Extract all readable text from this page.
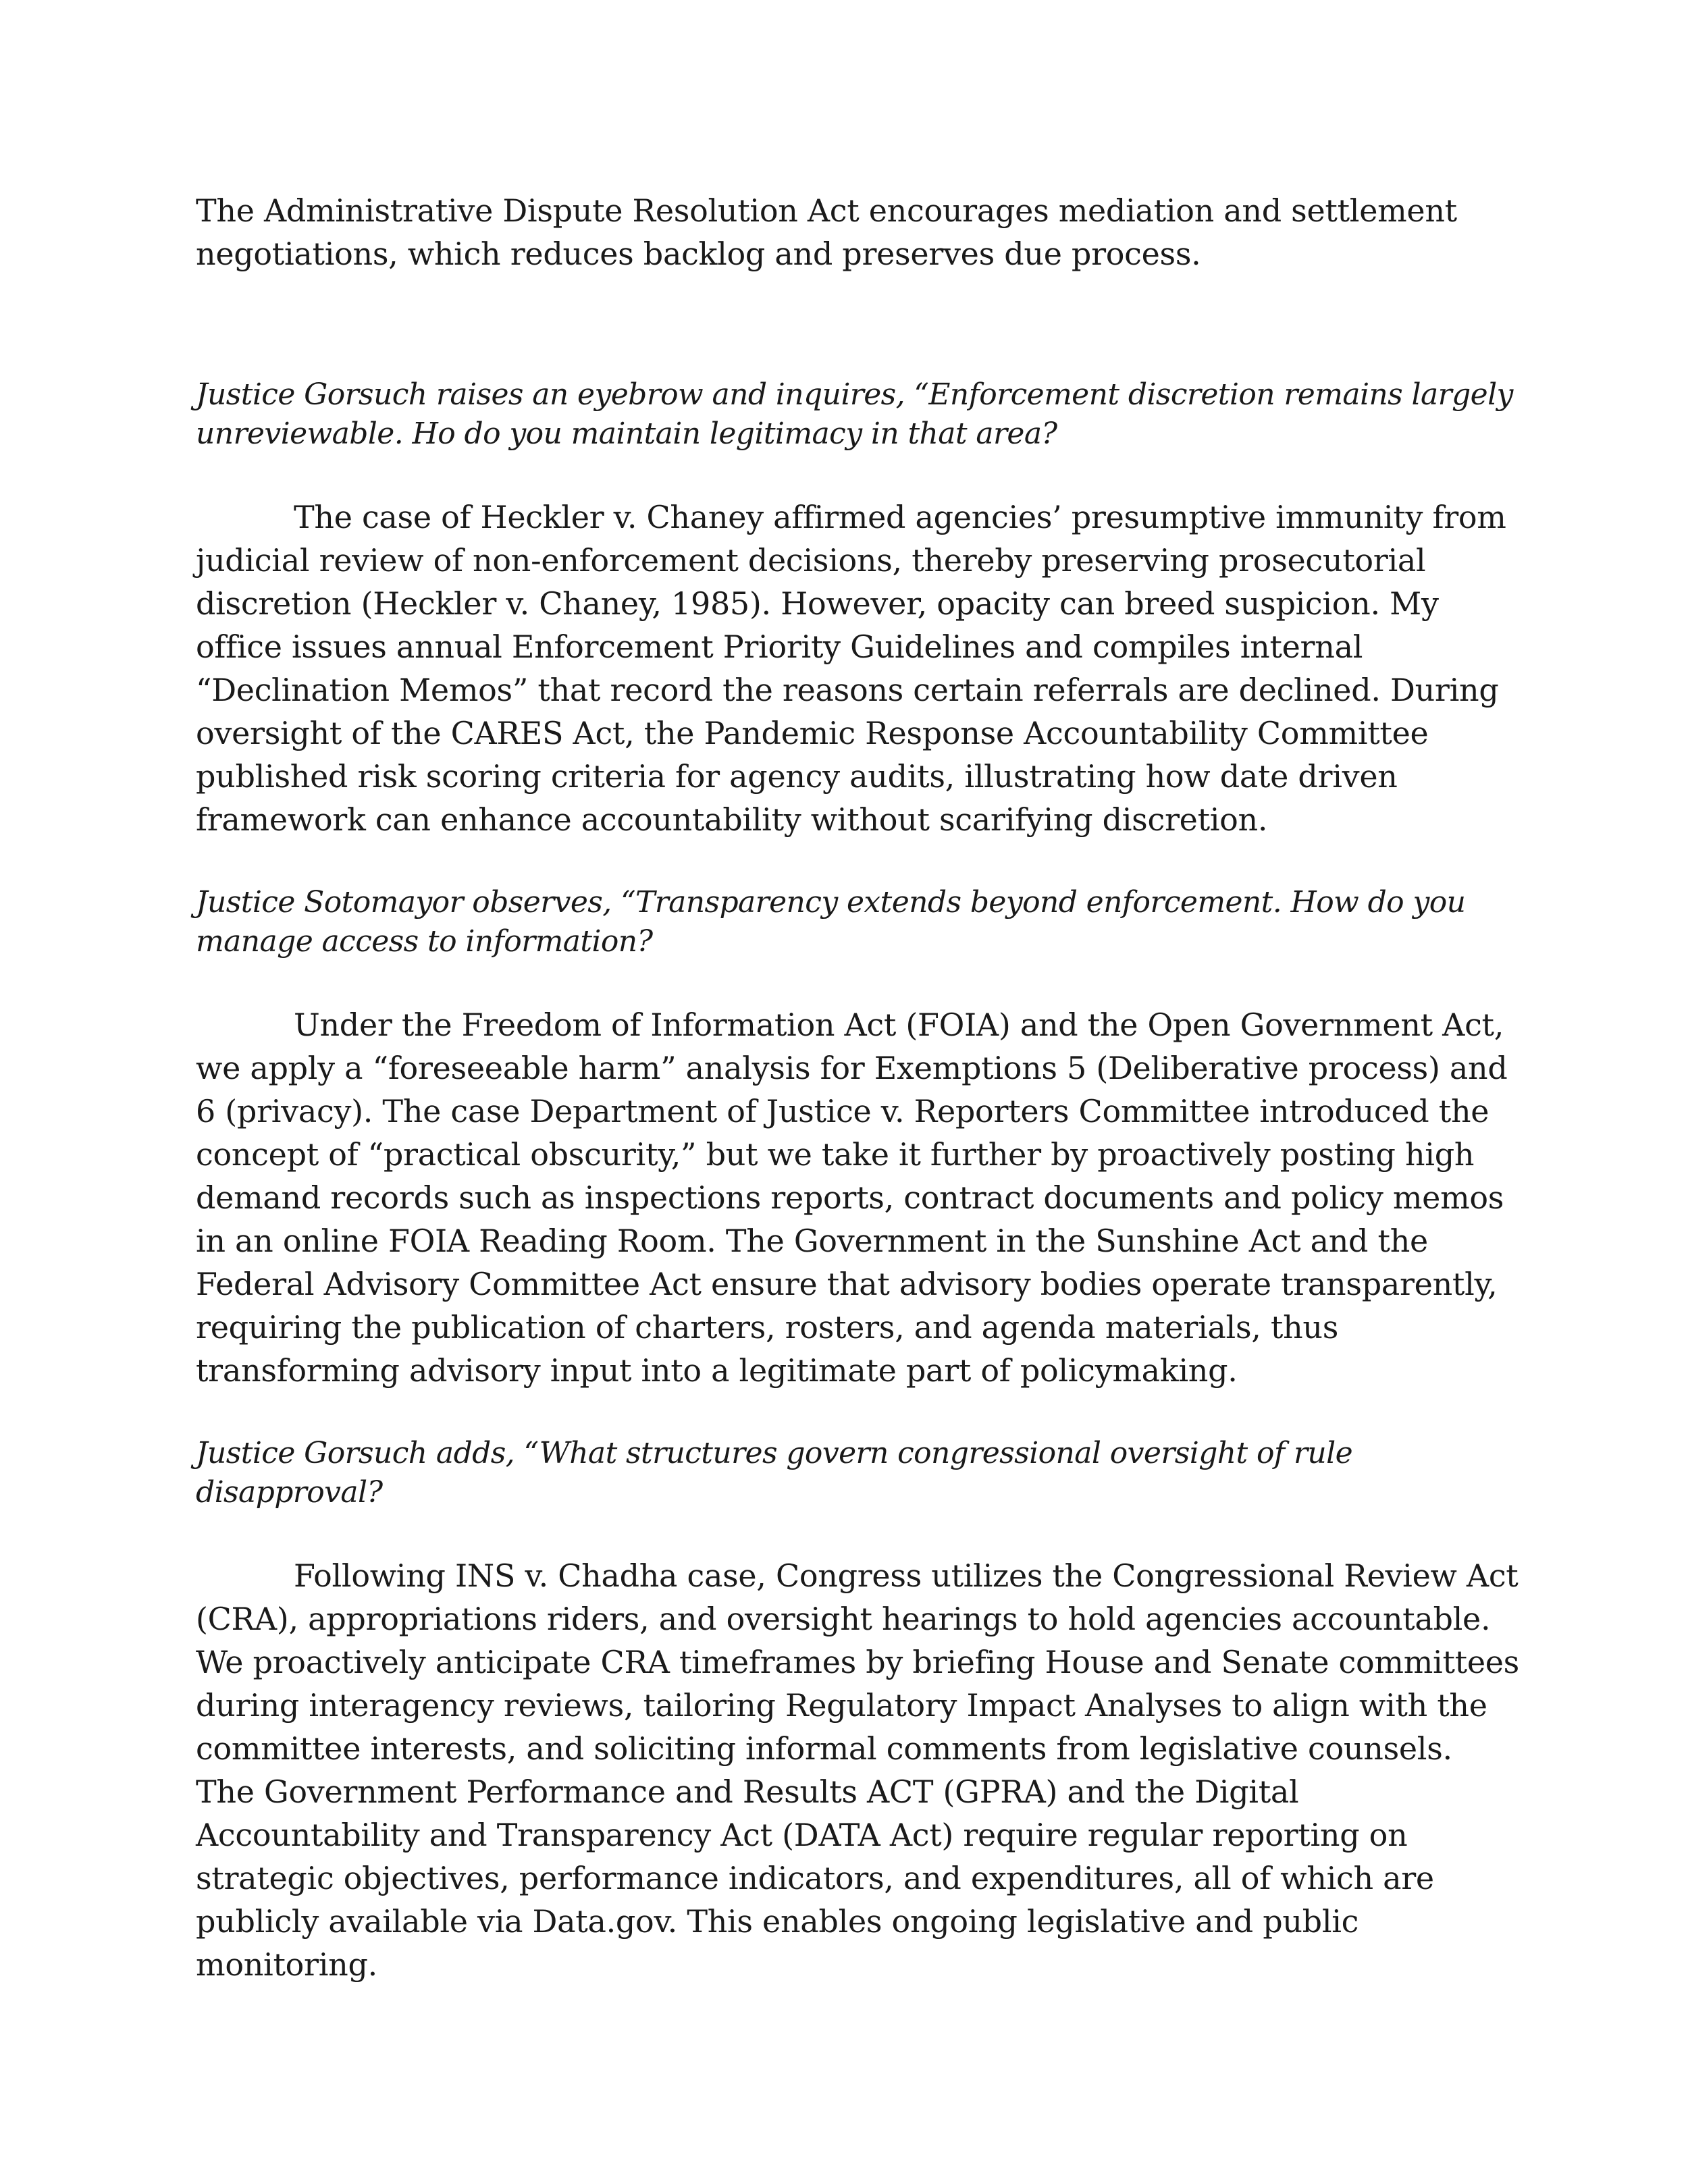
The Administrative Dispute Resolution Act encourages mediation and settlement negotiations, which reduces backlog and preserves due process.

Justice Gorsuch raises an eyebrow and inquires, “Enforcement discretion remains largely unreviewable. Ho do you maintain legitimacy in that area?

The case of Heckler v. Chaney affirmed agencies’ presumptive immunity from judicial review of non-enforcement decisions, thereby preserving prosecutorial discretion (Heckler v. Chaney, 1985). However, opacity can breed suspicion. My office issues annual Enforcement Priority Guidelines and compiles internal “Declination Memos” that record the reasons certain referrals are declined. During oversight of the CARES Act, the Pandemic Response Accountability Committee published risk scoring criteria for agency audits, illustrating how date driven framework can enhance accountability without scarifying discretion.

Justice Sotomayor observes, “Transparency extends beyond enforcement. How do you manage access to information?

Under the Freedom of Information Act (FOIA) and the Open Government Act, we apply a “foreseeable harm” analysis for Exemptions 5 (Deliberative process) and 6 (privacy). The case Department of Justice v. Reporters Committee introduced the concept of “practical obscurity,” but we take it further by proactively posting high demand records such as inspections reports, contract documents and policy memos in an online FOIA Reading Room. The Government in the Sunshine Act and the Federal Advisory Committee Act ensure that advisory bodies operate transparently, requiring the publication of charters, rosters, and agenda materials, thus transforming advisory input into a legitimate part of policymaking.

Justice Gorsuch adds, “What structures govern congressional oversight of rule disapproval?

Following INS v. Chadha case, Congress utilizes the Congressional Review Act (CRA), appropriations riders, and oversight hearings to hold agencies accountable. We proactively anticipate CRA timeframes by briefing House and Senate committees during interagency reviews, tailoring Regulatory Impact Analyses to align with the committee interests, and soliciting informal comments from legislative counsels. The Government Performance and Results ACT (GPRA) and the Digital Accountability and Transparency Act (DATA Act) require regular reporting on strategic objectives, performance indicators, and expenditures, all of which are publicly available via Data.gov. This enables ongoing legislative and public monitoring.
